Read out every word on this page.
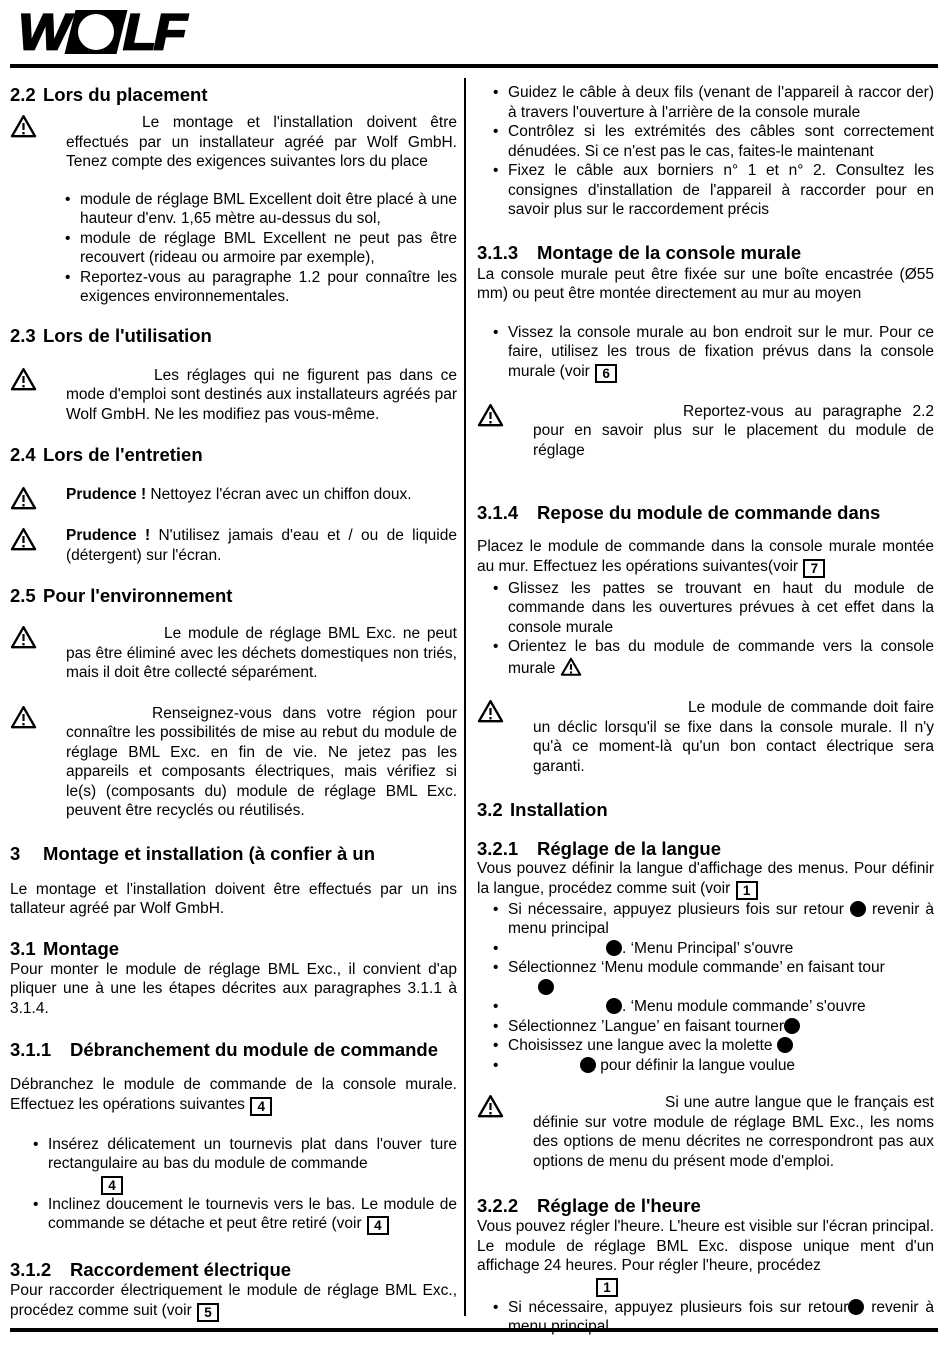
W LF
2.2 Lors du placement
Le montage et l'installation doivent être effectués par un installateur agréé par Wolf GmbH. Tenez compte des exigences suivantes lors du place
• module de réglage BML Excellent doit être placé à une hauteur d'env. 1,65 mètre au-dessus du sol,
• module de réglage BML Excellent ne peut pas être recouvert (rideau ou armoire par exemple),
• Reportez-vous au paragraphe 1.2 pour connaître les exigences environnementales.
2.3 Lors de l'utilisation
Les réglages qui ne figurent pas dans ce mode d'emploi sont destinés aux installateurs agréés par Wolf GmbH. Ne les modifiez pas vous-même.
2.4 Lors de l'entretien
Prudence ! Nettoyez l'écran avec un chiffon doux.
Prudence ! N'utilisez jamais d'eau et / ou de liquide (détergent) sur l'écran.
2.5 Pour l'environnement
Le module de réglage BML Exc. ne peut pas être éliminé avec les déchets domestiques non triés, mais il doit être collecté séparément.
Renseignez-vous dans votre région pour connaître les possibilités de mise au rebut du module de réglage BML Exc. en fin de vie. Ne jetez pas les appareils et composants électriques, mais vérifiez si le(s) (composants du) module de réglage BML Exc. peuvent être recyclés ou réutilisés.
3 Montage et installation (à confier à un
Le montage et l'installation doivent être effectués par un ins tallateur agréé par Wolf GmbH.
3.1 Montage
Pour monter le module de réglage BML Exc., il convient d'ap pliquer une à une les étapes décrites aux paragraphes 3.1.1 à 3.1.4.
3.1.1 Débranchement du module de commande
Débranchez le module de commande de la console murale. Effectuez les opérations suivantes 4
• Insérez délicatement un tournevis plat dans l'ouver ture rectangulaire au bas du module de commande
4
• Inclinez doucement le tournevis vers le bas. Le module de commande se détache et peut être retiré (voir 4
3.1.2 Raccordement électrique
Pour raccorder électriquement le module de réglage BML Exc., procédez comme suit (voir 5
• Guidez le câble à deux fils (venant de l'appareil à raccor der) à travers l'ouverture à l'arrière de la console murale
• Contrôlez si les extrémités des câbles sont correctement dénudées. Si ce n'est pas le cas, faites-le maintenant
• Fixez le câble aux borniers n° 1 et n° 2. Consultez les consignes d'installation de l'appareil à raccorder pour en savoir plus sur le raccordement précis
3.1.3 Montage de la console murale
La console murale peut être fixée sur une boîte encastrée (Ø55 mm) ou peut être montée directement au mur au moyen
• Vissez la console murale au bon endroit sur le mur. Pour ce faire, utilisez les trous de fixation prévus dans la console murale (voir 6
Reportez-vous au paragraphe 2.2 pour en savoir plus sur le placement du module de réglage
3.1.4 Repose du module de commande dans
Placez le module de commande dans la console murale montée au mur. Effectuez les opérations suivantes(voir 7
• Glissez les pattes se trouvant en haut du module de commande dans les ouvertures prévues à cet effet dans la console murale
• Orientez le bas du module de commande vers la console murale
Le module de commande doit faire un déclic lorsqu'il se fixe dans la console murale. Il n'y qu'à ce moment-là qu'un bon contact électrique sera garanti.
3.2 Installation
3.2.1 Réglage de la langue
Vous pouvez définir la langue d'affichage des menus. Pour définir la langue, procédez comme suit (voir 1
• Si nécessaire, appuyez plusieurs fois sur retour  revenir à menu principal
•	. ‘Menu Principal’ s'ouvre
• Sélectionnez ‘Menu module commande’ en faisant tour

•	. ‘Menu module commande’ s'ouvre
• Sélectionnez ’Langue’ en faisant tourner
• Choisissez une langue avec la molette
•	pour définir la langue voulue
Si une autre langue que le français est définie sur votre module de réglage BML Exc., les noms des options de menu décrites ne correspondront pas aux options de menu du présent mode d'emploi.
3.2.2 Réglage de l'heure
Vous pouvez régler l'heure. L'heure est visible sur l'écran principal. Le module de réglage BML Exc. dispose unique ment d'un affichage 24 heures. Pour régler l'heure, procédez
1
• Si nécessaire, appuyez plusieurs fois sur retour revenir à menu principal
